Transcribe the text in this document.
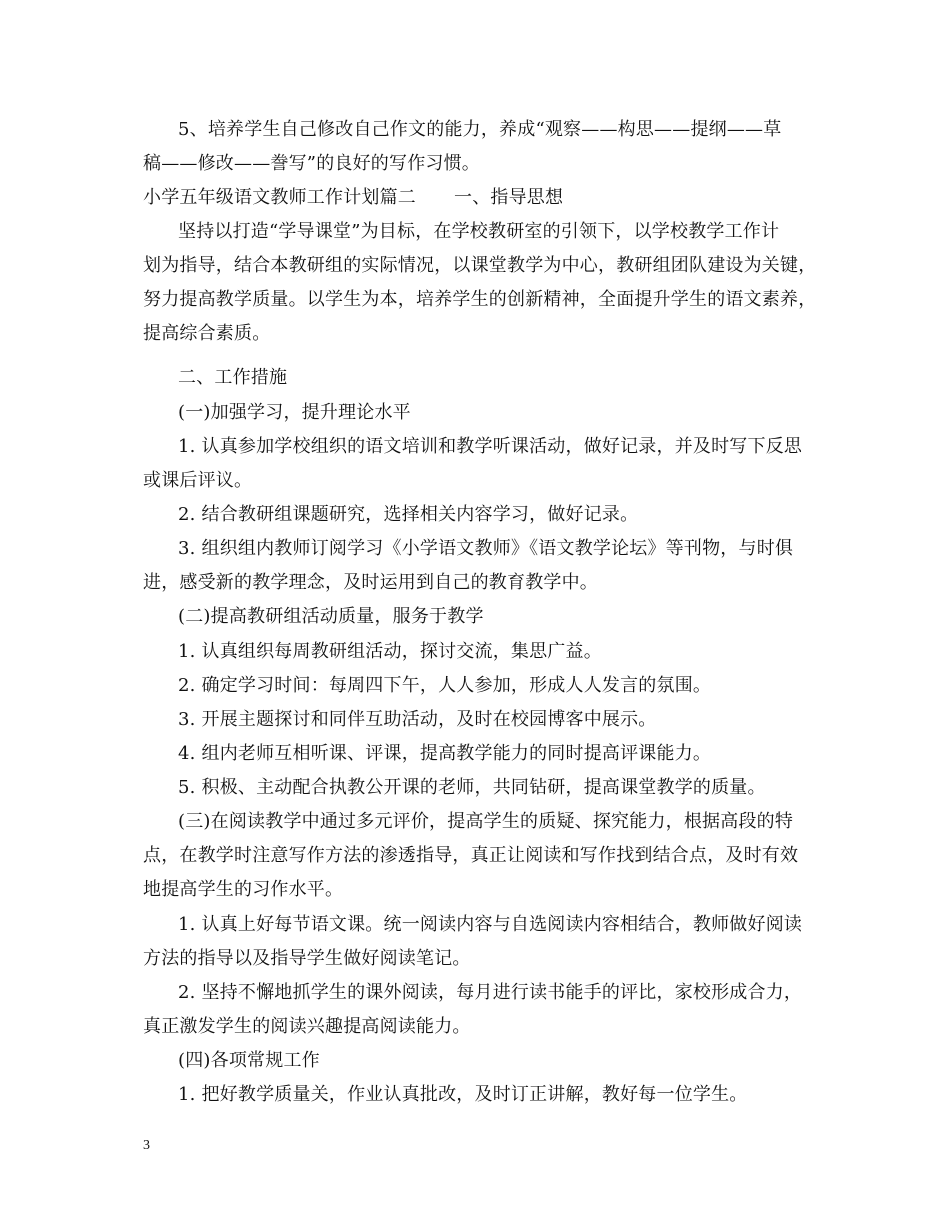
5、培养学生自己修改自己作文的能力，养成“观察——构思——提纲——草
稿——修改——誊写”的良好的写作习惯。
小学五年级语文教师工作计划篇二 一、指导思想
坚持以打造“学导课堂”为目标，在学校教研室的引领下，以学校教学工作计
划为指导，结合本教研组的实际情况，以课堂教学为中心，教研组团队建设为关键，
努力提高教学质量。以学生为本，培养学生的创新精神，全面提升学生的语文素养，
提高综合素质。
二、工作措施
(一)加强学习，提升理论水平
1. 认真参加学校组织的语文培训和教学听课活动，做好记录，并及时写下反思
或课后评议。
2. 结合教研组课题研究，选择相关内容学习，做好记录。
3. 组织组内教师订阅学习《小学语文教师》《语文教学论坛》等刊物，与时俱
进，感受新的教学理念，及时运用到自己的教育教学中。
(二)提高教研组活动质量，服务于教学
1. 认真组织每周教研组活动，探讨交流，集思广益。
2. 确定学习时间：每周四下午，人人参加，形成人人发言的氛围。
3. 开展主题探讨和同伴互助活动，及时在校园博客中展示。
4. 组内老师互相听课、评课，提高教学能力的同时提高评课能力。
5. 积极、主动配合执教公开课的老师，共同钻研，提高课堂教学的质量。
(三)在阅读教学中通过多元评价，提高学生的质疑、探究能力，根据高段的特
点，在教学时注意写作方法的渗透指导，真正让阅读和写作找到结合点，及时有效
地提高学生的习作水平。
1. 认真上好每节语文课。统一阅读内容与自选阅读内容相结合，教师做好阅读
方法的指导以及指导学生做好阅读笔记。
2. 坚持不懈地抓学生的课外阅读，每月进行读书能手的评比，家校形成合力，
真正激发学生的阅读兴趣提高阅读能力。
(四)各项常规工作
1. 把好教学质量关，作业认真批改，及时订正讲解，教好每一位学生。
3
